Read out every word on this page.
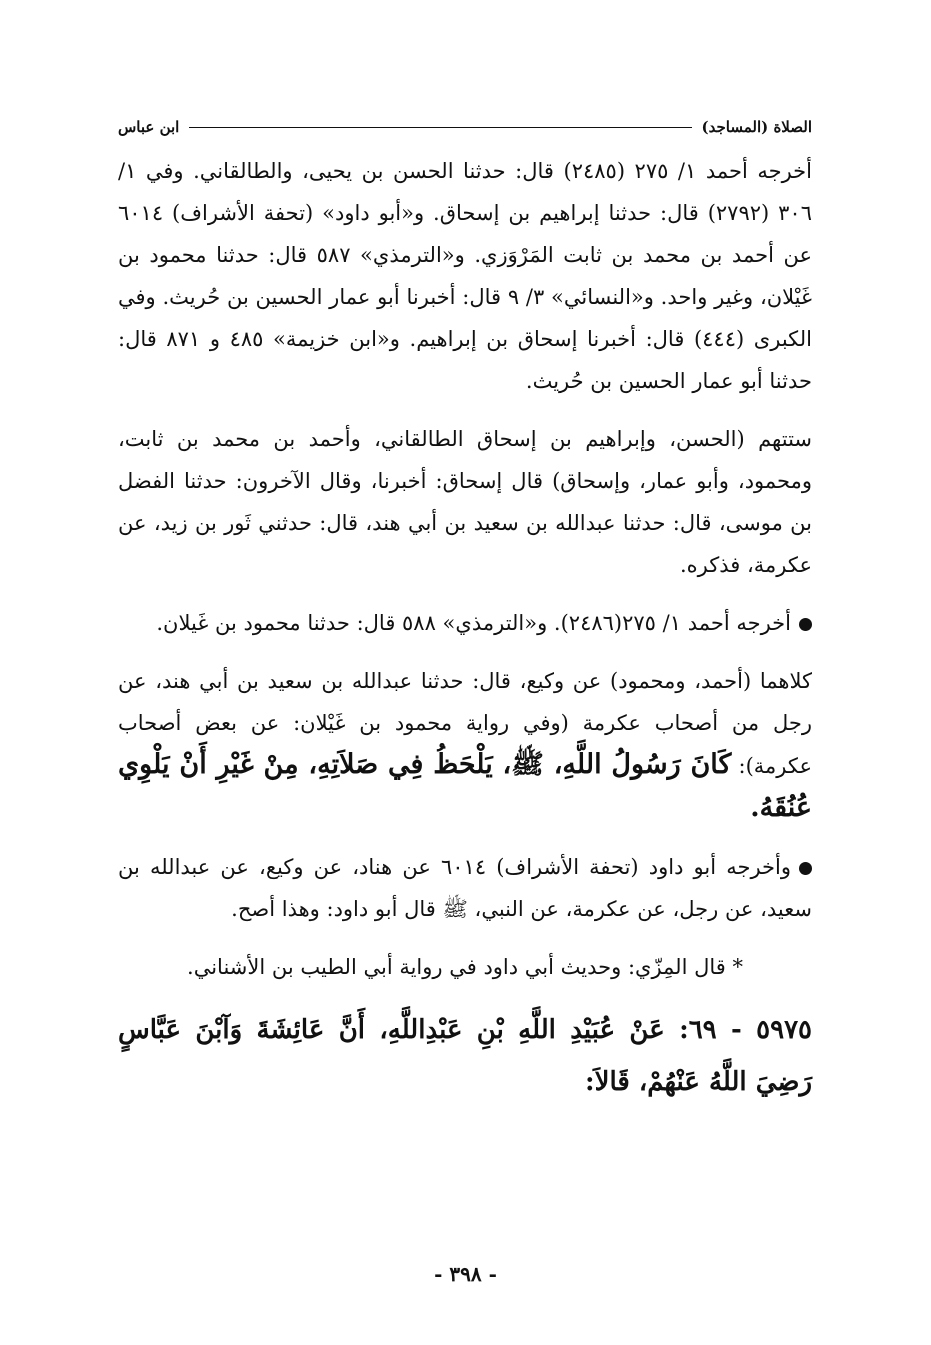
الصلاة (المساجد)
ابن عباس

أخرجه أحمد ١/ ٢٧٥ (٢٤٨٥) قال: حدثنا الحسن بن يحيى، والطالقاني. وفي ١/ ٣٠٦ (٢٧٩٢) قال: حدثنا إبراهيم بن إسحاق. و«أبو داود» (تحفة الأشراف) ٦٠١٤ عن أحمد بن محمد بن ثابت المَرْوَزي. و«الترمذي» ٥٨٧ قال: حدثنا محمود بن غَيْلان، وغير واحد. و«النسائي» ٣/ ٩ قال: أخبرنا أبو عمار الحسين بن حُريث. وفي الكبرى (٤٤٤) قال: أخبرنا إسحاق بن إبراهيم. و«ابن خزيمة» ٤٨٥ و ٨٧١ قال: حدثنا أبو عمار الحسين بن حُريث.

ستتهم (الحسن، وإبراهيم بن إسحاق الطالقاني، وأحمد بن محمد بن ثابت، ومحمود، وأبو عمار، وإسحاق) قال إسحاق: أخبرنا، وقال الآخرون: حدثنا الفضل بن موسى، قال: حدثنا عبدالله بن سعيد بن أبي هند، قال: حدثني ثَور بن زيد، عن عكرمة، فذكره.

أخرجه أحمد ١/ ٢٧٥(٢٤٨٦). و«الترمذي» ٥٨٨ قال: حدثنا محمود بن غَيلان.

كلاهما (أحمد، ومحمود) عن وكيع، قال: حدثنا عبدالله بن سعيد بن أبي هند، عن رجل من أصحاب عكرمة (وفي رواية محمود بن غَيْلان: عن بعض أصحاب عكرمة): كَانَ رَسُولُ اللَّهِ، ﷺ، يَلْحَظُ فِي صَلاَتِهِ، مِنْ غَيْرِ أَنْ يَلْوِي عُنُقَهُ.

وأخرجه أبو داود (تحفة الأشراف) ٦٠١٤ عن هناد، عن وكيع، عن عبدالله بن سعيد، عن رجل، عن عكرمة، عن النبي، ﷺ قال أبو داود: وهذا أصح.

* قال المِزّي: وحديث أبي داود في رواية أبي الطيب بن الأشناني.

٥٩٧٥ - ٦٩: عَنْ عُبَيْدِ اللَّهِ بْنِ عَبْدِاللَّهِ، أَنَّ عَائِشَةَ وَآبْنَ عَبَّاسٍ رَضِيَ اللَّهُ عَنْهُمْ، قَالاَ:

- ٣٩٨ -
